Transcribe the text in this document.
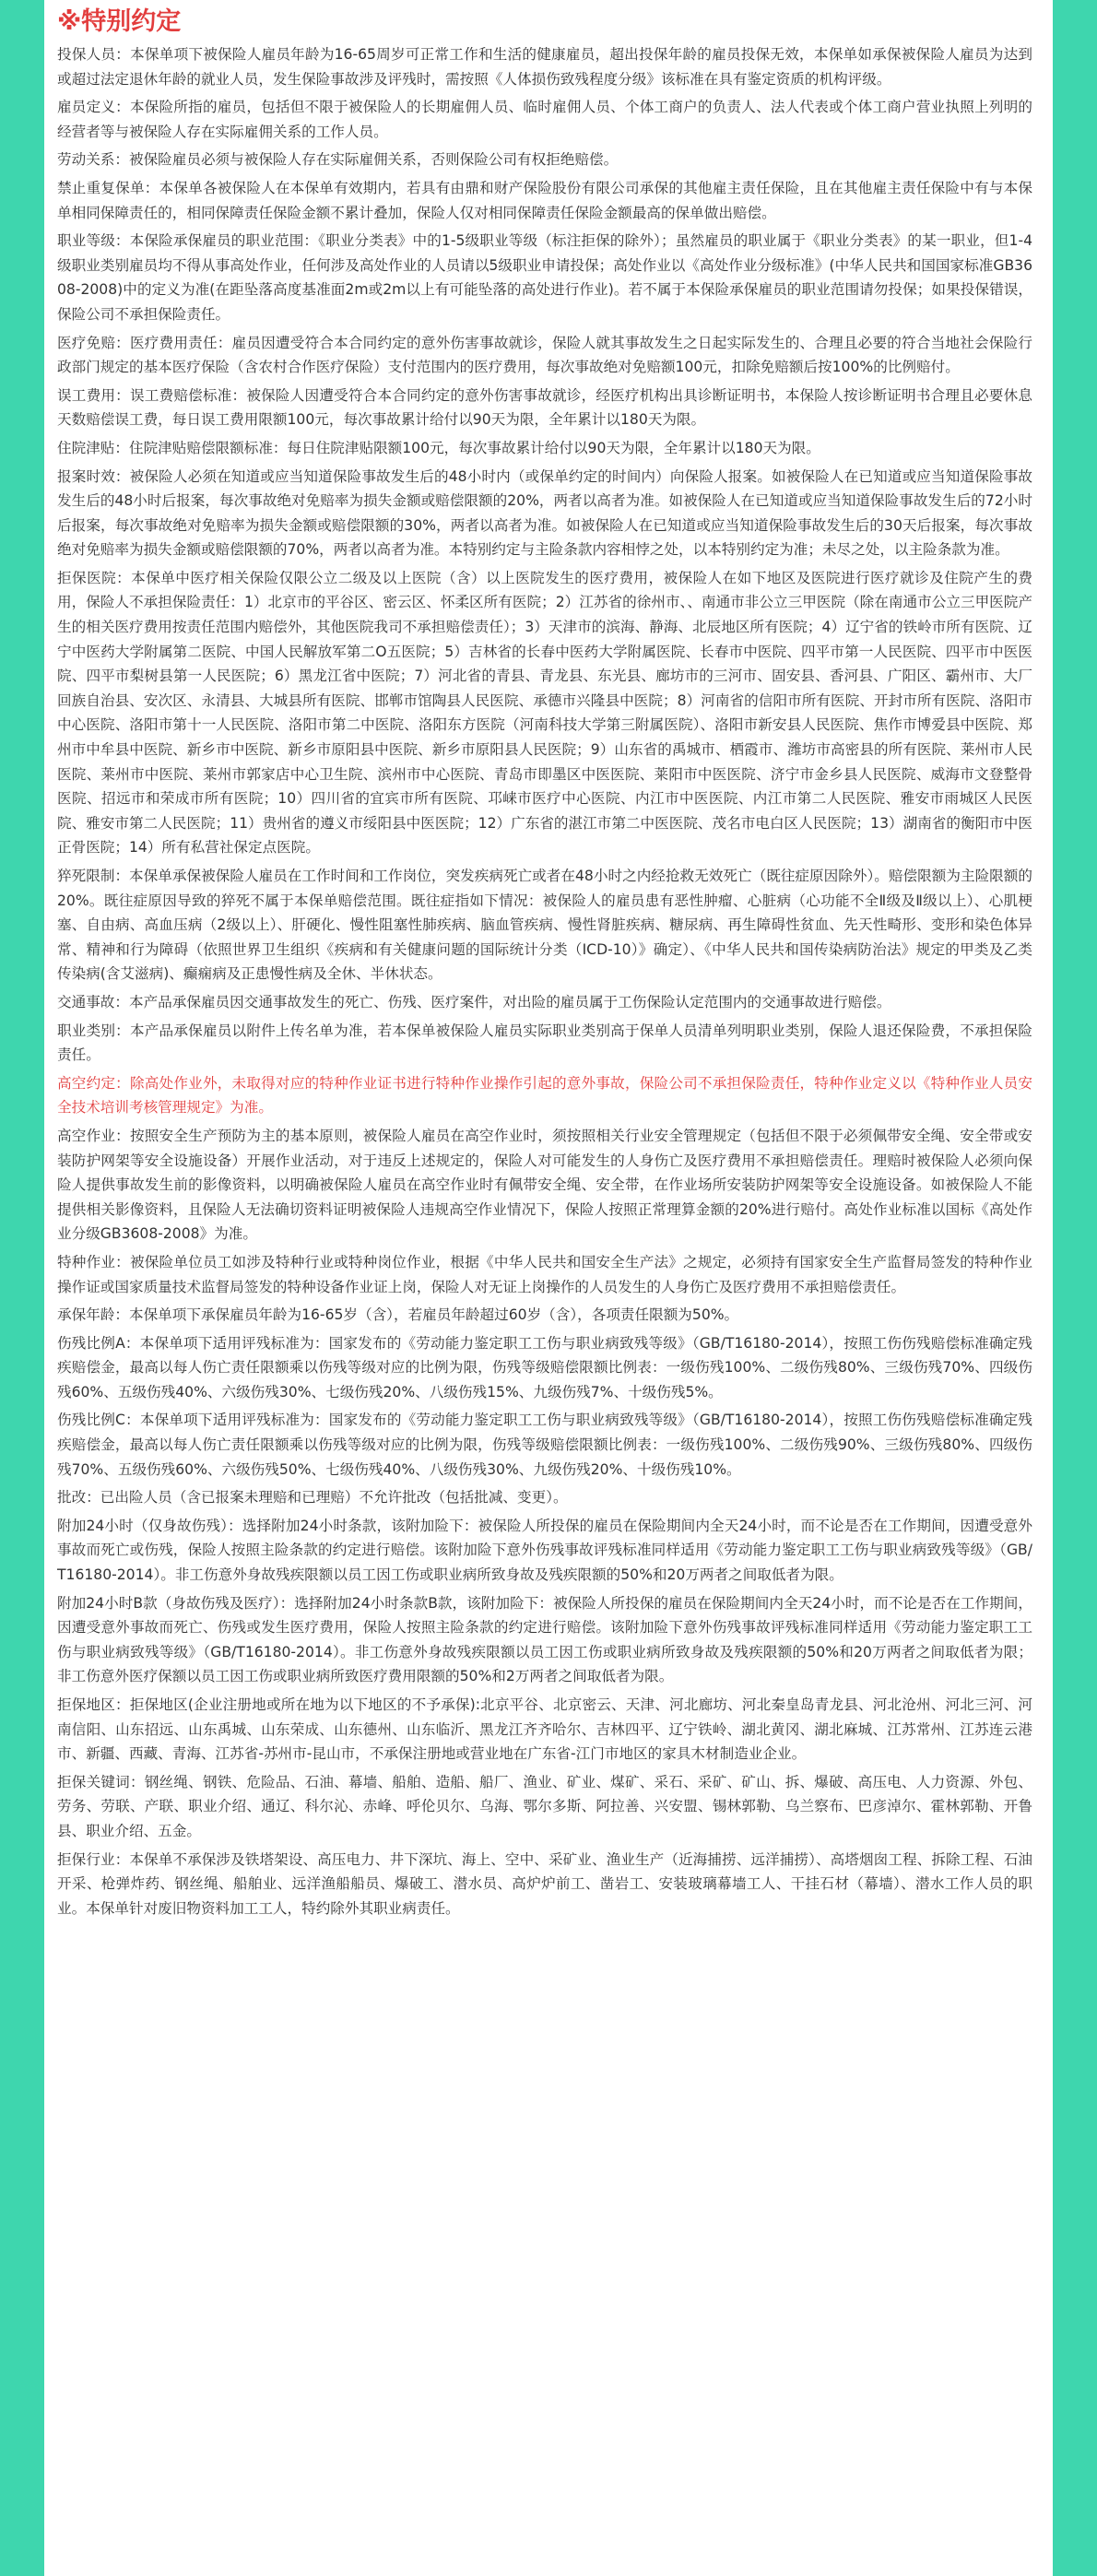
※特别约定
投保人员：本保单项下被保险人雇员年龄为16-65周岁可正常工作和生活的健康雇员，超出投保年龄的雇员投保无效，本保单如承保被保险人雇员为达到或超过法定退休年龄的就业人员，发生保险事故涉及评残时，需按照《人体损伤致残程度分级》该标准在具有鉴定资质的机构评级。
雇员定义：本保险所指的雇员，包括但不限于被保险人的长期雇佣人员、临时雇佣人员、个体工商户的负责人、法人代表或个体工商户营业执照上列明的经营者等与被保险人存在实际雇佣关系的工作人员。
劳动关系：被保险雇员必须与被保险人存在实际雇佣关系，否则保险公司有权拒绝赔偿。
禁止重复保单：本保单各被保险人在本保单有效期内，若具有由鼎和财产保险股份有限公司承保的其他雇主责任保险，且在其他雇主责任保险中有与本保单相同保障责任的，相同保障责任保险金额不累计叠加，保险人仅对相同保障责任保险金额最高的保单做出赔偿。
职业等级：本保险承保雇员的职业范围：《职业分类表》中的1-5级职业等级（标注拒保的除外）；虽然雇员的职业属于《职业分类表》的某一职业，但1-4级职业类别雇员均不得从事高处作业，任何涉及高处作业的人员请以5级职业申请投保；高处作业以《高处作业分级标准》(中华人民共和国国家标准GB3608-2008)中的定义为准(在距坠落高度基准面2m或2m以上有可能坠落的高处进行作业)。若不属于本保险承保雇员的职业范围请勿投保；如果投保错误，保险公司不承担保险责任。
医疗免赔：医疗费用责任：雇员因遭受符合本合同约定的意外伤害事故就诊，保险人就其事故发生之日起实际发生的、合理且必要的符合当地社会保险行政部门规定的基本医疗保险（含农村合作医疗保险）支付范围内的医疗费用，每次事故绝对免赔额100元，扣除免赔额后按100%的比例赔付。
误工费用：误工费赔偿标准：被保险人因遭受符合本合同约定的意外伤害事故就诊，经医疗机构出具诊断证明书，本保险人按诊断证明书合理且必要休息天数赔偿误工费，每日误工费用限额100元，每次事故累计给付以90天为限，全年累计以180天为限。
住院津贴：住院津贴赔偿限额标准：每日住院津贴限额100元，每次事故累计给付以90天为限，全年累计以180天为限。
报案时效：被保险人必须在知道或应当知道保险事故发生后的48小时内（或保单约定的时间内）向保险人报案。如被保险人在已知道或应当知道保险事故发生后的48小时后报案，每次事故绝对免赔率为损失金额或赔偿限额的20%，两者以高者为准。如被保险人在已知道或应当知道保险事故发生后的72小时后报案，每次事故绝对免赔率为损失金额或赔偿限额的30%，两者以高者为准。如被保险人在已知道或应当知道保险事故发生后的30天后报案，每次事故绝对免赔率为损失金额或赔偿限额的70%，两者以高者为准。本特别约定与主险条款内容相悖之处，以本特别约定为准；未尽之处，以主险条款为准。
拒保医院：本保单中医疗相关保险仅限公立二级及以上医院（含）以上医院发生的医疗费用，被保险人在如下地区及医院进行医疗就诊及住院产生的费用，保险人不承担保险责任：1）北京市的平谷区、密云区、怀柔区所有医院；2）江苏省的徐州市、、南通市非公立三甲医院（除在南通市公立三甲医院产生的相关医疗费用按责任范围内赔偿外，其他医院我司不承担赔偿责任）；3）天津市的滨海、静海、北辰地区所有医院；4）辽宁省的铁岭市所有医院、辽宁中医药大学附属第二医院、中国人民解放军第二O五医院；5）吉林省的长春中医药大学附属医院、长春市中医院、四平市第一人民医院、四平市中医医院、四平市梨树县第一人民医院；6）黑龙江省中医院；7）河北省的青县、青龙县、东光县、廊坊市的三河市、固安县、香河县、广阳区、霸州市、大厂回族自治县、安次区、永清县、大城县所有医院、邯郸市馆陶县人民医院、承德市兴隆县中医院；8）河南省的信阳市所有医院、开封市所有医院、洛阳市中心医院、洛阳市第十一人民医院、洛阳市第二中医院、洛阳东方医院（河南科技大学第三附属医院）、洛阳市新安县人民医院、焦作市博爱县中医院、郑州市中牟县中医院、新乡市中医院、新乡市原阳县中医院、新乡市原阳县人民医院；9）山东省的禹城市、栖霞市、潍坊市高密县的所有医院、莱州市人民医院、莱州市中医院、莱州市郭家店中心卫生院、滨州市中心医院、青岛市即墨区中医医院、莱阳市中医医院、济宁市金乡县人民医院、威海市文登整骨医院、招远市和荣成市所有医院；10）四川省的宜宾市所有医院、邛崃市医疗中心医院、内江市中医医院、内江市第二人民医院、雅安市雨城区人民医院、雅安市第二人民医院；11）贵州省的遵义市绥阳县中医医院；12）广东省的湛江市第二中医医院、茂名市电白区人民医院；13）湖南省的衡阳市中医正骨医院；14）所有私营社保定点医院。
猝死限制：本保单承保被保险人雇员在工作时间和工作岗位，突发疾病死亡或者在48小时之内经抢救无效死亡（既往症原因除外）。赔偿限额为主险限额的20%。既往症原因导致的猝死不属于本保单赔偿范围。既往症指如下情况：被保险人的雇员患有恶性肿瘤、心脏病（心功能不全Ⅱ级及Ⅱ级以上）、心肌梗塞、自由病、高血压病（2级以上）、肝硬化、慢性阻塞性肺疾病、脑血管疾病、慢性肾脏疾病、糖尿病、再生障碍性贫血、先天性畸形、变形和染色体异常、精神和行为障碍（依照世界卫生组织《疾病和有关健康问题的国际统计分类（ICD-10）》确定）、《中华人民共和国传染病防治法》规定的甲类及乙类传染病(含艾滋病)、癫痫病及正患慢性病及全休、半休状态。
交通事故：本产品承保雇员因交通事故发生的死亡、伤残、医疗案件，对出险的雇员属于工伤保险认定范围内的交通事故进行赔偿。
职业类别：本产品承保雇员以附件上传名单为准，若本保单被保险人雇员实际职业类别高于保单人员清单列明职业类别，保险人退还保险费，不承担保险责任。
高空约定：除高处作业外，未取得对应的特种作业证书进行特种作业操作引起的意外事故，保险公司不承担保险责任，特种作业定义以《特种作业人员安全技术培训考核管理规定》为准。
高空作业：按照安全生产预防为主的基本原则，被保险人雇员在高空作业时，须按照相关行业安全管理规定（包括但不限于必须佩带安全绳、安全带或安装防护网架等安全设施设备）开展作业活动，对于违反上述规定的，保险人对可能发生的人身伤亡及医疗费用不承担赔偿责任。理赔时被保险人必须向保险人提供事故发生前的影像资料，以明确被保险人雇员在高空作业时有佩带安全绳、安全带，在作业场所安装防护网架等安全设施设备。如被保险人不能提供相关影像资料，且保险人无法确切资料证明被保险人违规高空作业情况下，保险人按照正常理算金额的20%进行赔付。高处作业标准以国标《高处作业分级GB3608-2008》为准。
特种作业：被保险单位员工如涉及特种行业或特种岗位作业，根据《中华人民共和国安全生产法》之规定，必须持有国家安全生产监督局签发的特种作业操作证或国家质量技术监督局签发的特种设备作业证上岗，保险人对无证上岗操作的人员发生的人身伤亡及医疗费用不承担赔偿责任。
承保年龄：本保单项下承保雇员年龄为16-65岁（含），若雇员年龄超过60岁（含），各项责任限额为50%。
伤残比例A：本保单项下适用评残标准为：国家发布的《劳动能力鉴定职工工伤与职业病致残等级》（GB/T16180-2014），按照工伤伤残赔偿标准确定残疾赔偿金，最高以每人伤亡责任限额乘以伤残等级对应的比例为限，伤残等级赔偿限额比例表：一级伤残100%、二级伤残80%、三级伤残70%、四级伤残60%、五级伤残40%、六级伤残30%、七级伤残20%、八级伤残15%、九级伤残7%、十级伤残5%。
伤残比例C：本保单项下适用评残标准为：国家发布的《劳动能力鉴定职工工伤与职业病致残等级》（GB/T16180-2014），按照工伤伤残赔偿标准确定残疾赔偿金，最高以每人伤亡责任限额乘以伤残等级对应的比例为限，伤残等级赔偿限额比例表：一级伤残100%、二级伤残90%、三级伤残80%、四级伤残70%、五级伤残60%、六级伤残50%、七级伤残40%、八级伤残30%、九级伤残20%、十级伤残10%。
批改：已出险人员（含已报案未理赔和已理赔）不允许批改（包括批减、变更）。
附加24小时（仅身故伤残）：选择附加24小时条款，该附加险下：被保险人所投保的雇员在保险期间内全天24小时，而不论是否在工作期间，因遭受意外事故而死亡或伤残，保险人按照主险条款的约定进行赔偿。该附加险下意外伤残事故评残标准同样适用《劳动能力鉴定职工工伤与职业病致残等级》（GB/T16180-2014）。非工伤意外身故残疾限额以员工因工伤或职业病所致身故及残疾限额的50%和20万两者之间取低者为限。
附加24小时B款（身故伤残及医疗）：选择附加24小时条款B款，该附加险下：被保险人所投保的雇员在保险期间内全天24小时，而不论是否在工作期间，因遭受意外事故而死亡、伤残或发生医疗费用，保险人按照主险条款的约定进行赔偿。该附加险下意外伤残事故评残标准同样适用《劳动能力鉴定职工工伤与职业病致残等级》（GB/T16180-2014）。非工伤意外身故残疾限额以员工因工伤或职业病所致身故及残疾限额的50%和20万两者之间取低者为限；非工伤意外医疗保额以员工因工伤或职业病所致医疗费用限额的50%和2万两者之间取低者为限。
拒保地区：拒保地区(企业注册地或所在地为以下地区的不予承保):北京平谷、北京密云、天津、河北廊坊、河北秦皇岛青龙县、河北沧州、河北三河、河南信阳、山东招远、山东禹城、山东荣成、山东德州、山东临沂、黑龙江齐齐哈尔、吉林四平、辽宁铁岭、湖北黄冈、湖北麻城、江苏常州、江苏连云港市、新疆、西藏、青海、江苏省-苏州市-昆山市，不承保注册地或营业地在广东省-江门市地区的家具木材制造业企业。
拒保关键词：钢丝绳、钢铁、危险品、石油、幕墙、船舶、造船、船厂、渔业、矿业、煤矿、采石、采矿、矿山、拆、爆破、高压电、人力资源、外包、劳务、劳联、产联、职业介绍、通辽、科尔沁、赤峰、呼伦贝尔、乌海、鄂尔多斯、阿拉善、兴安盟、锡林郭勒、乌兰察布、巴彦淖尔、霍林郭勒、开鲁县、职业介绍、五金。
拒保行业：本保单不承保涉及铁塔架设、高压电力、井下深坑、海上、空中、采矿业、渔业生产（近海捕捞、远洋捕捞）、高塔烟囱工程、拆除工程、石油开采、枪弹炸药、钢丝绳、船舶业、远洋渔船船员、爆破工、潜水员、高炉炉前工、凿岩工、安装玻璃幕墙工人、干挂石材（幕墙）、潜水工作人员的职业。本保单针对废旧物资料加工工人，特约除外其职业病责任。
